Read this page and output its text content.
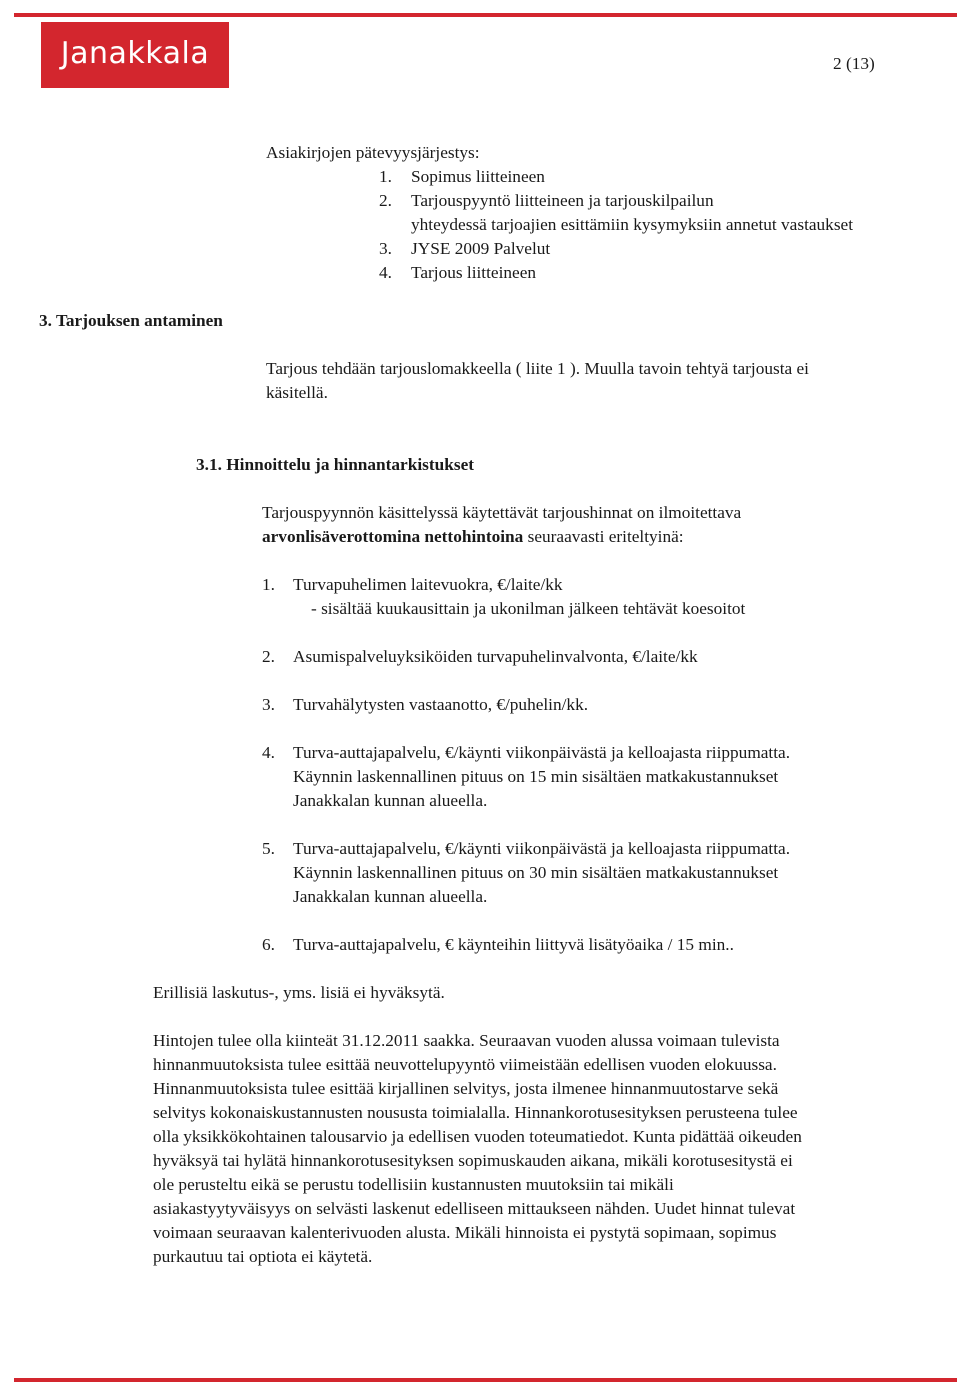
Janakkala	2 (13)
Asiakirjojen pätevyysjärjestys:
1. Sopimus liitteineen
2. Tarjouspyyntö liitteineen ja tarjouskilpailun
yhteydessä tarjoajien esittämiin kysymyksiin annetut vastaukset
3. JYSE 2009 Palvelut
4. Tarjous liitteineen
3. Tarjouksen antaminen
Tarjous tehdään tarjouslomakkeella ( liite 1 ). Muulla tavoin tehtyä tarjousta ei
käsitellä.
3.1. Hinnoittelu ja hinnantarkistukset
Tarjouspyynnön käsittelyssä käytettävät tarjoushinnat on ilmoitettava
arvonlisäverottomina nettohintoina seuraavasti eriteltyinä:
1. Turvapuhelimen laitevuokra, €/laite/kk
- sisältää kuukausittain ja ukonilman jälkeen tehtävät koesoitot
2. Asumispalveluyksiköiden turvapuhelinvalvonta, €/laite/kk
3. Turvahälytysten vastaanotto, €/puhelin/kk.
4. Turva-auttajapalvelu, €/käynti viikonpäivästä ja kelloajasta riippumatta.
Käynnin laskennallinen pituus on 15 min sisältäen matkakustannukset
Janakkalan kunnan alueella.
5. Turva-auttajapalvelu, €/käynti viikonpäivästä ja kelloajasta riippumatta.
Käynnin laskennallinen pituus on 30 min sisältäen matkakustannukset
Janakkalan kunnan alueella.
6. Turva-auttajapalvelu, € käynteihin liittyvä lisätyöaika / 15 min..
Erillisiä laskutus-, yms. lisiä ei hyväksytä.
Hintojen tulee olla kiinteät 31.12.2011 saakka. Seuraavan vuoden alussa voimaan tulevista
hinnanmuutoksista tulee esittää neuvottelupyyntö viimeistään edellisen vuoden elokuussa.
Hinnanmuutoksista tulee esittää kirjallinen selvitys, josta ilmenee hinnanmuutostarve sekä
selvitys kokonaiskustannusten noususta toimialalla. Hinnankorotusesityksen perusteena tulee
olla yksikkökohtainen talousarvio ja edellisen vuoden toteumatiedot. Kunta pidättää oikeuden
hyväksyä tai hylätä hinnankorotusesityksen sopimuskauden aikana, mikäli korotusesitystä ei
ole perusteltu eikä se perustu todellisiin kustannusten muutoksiin tai mikäli
asiakastyytyväisyys on selvästi laskenut edelliseen mittaukseen nähden. Uudet hinnat tulevat
voimaan seuraavan kalenterivuoden alusta. Mikäli hinnoista ei pystytä sopimaan, sopimus
purkautuu tai optiota ei käytetä.
